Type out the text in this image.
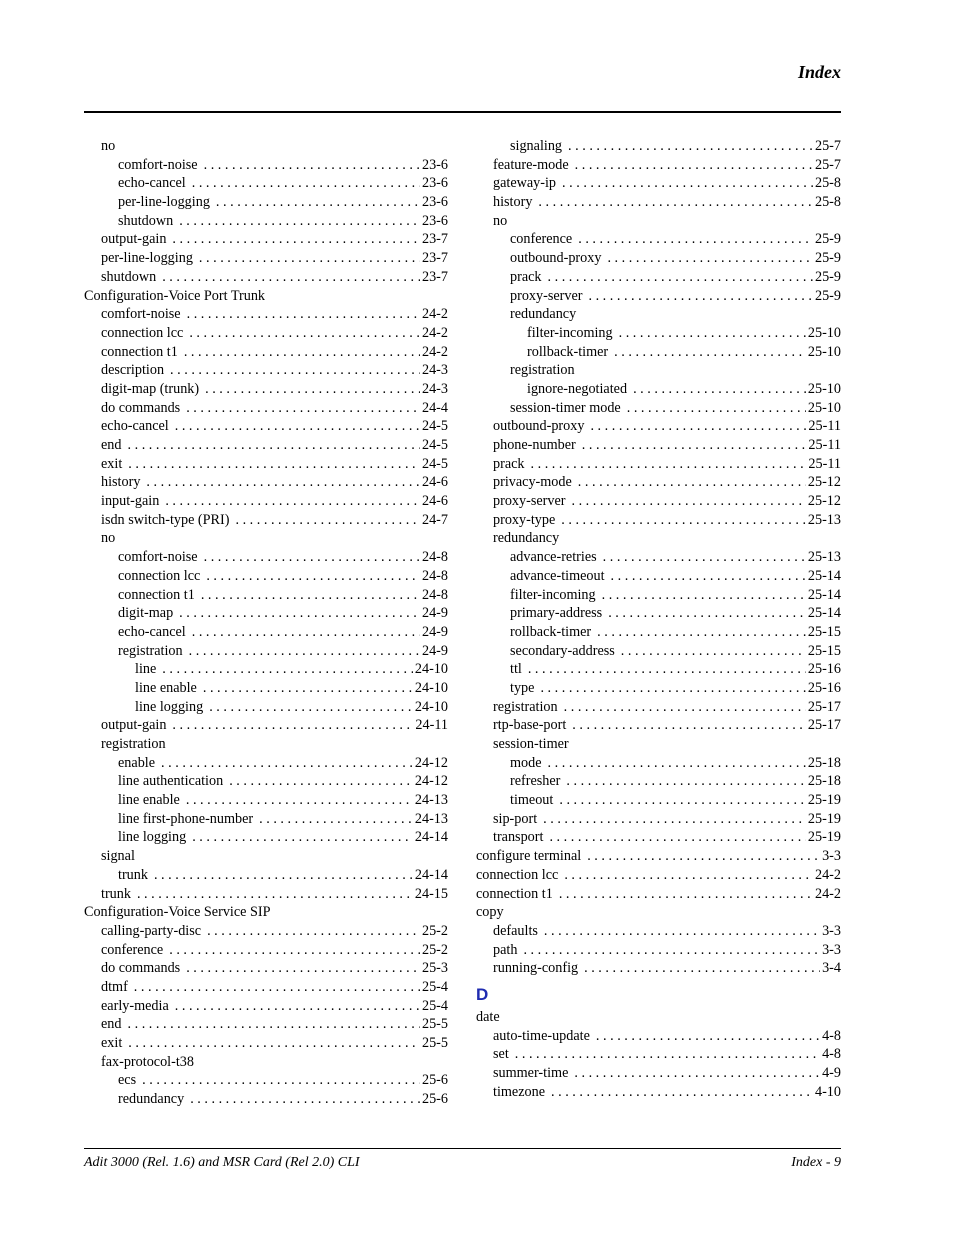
Index
no
comfort-noise . . .	23-6
echo-cancel . . .	23-6
per-line-logging . . .	23-6
shutdown . . .	23-6
output-gain . . .	23-7
per-line-logging . . .	23-7
shutdown . . .	23-7
Configuration-Voice Port Trunk
comfort-noise . . .	24-2
connection lcc . . .	24-2
connection t1 . . .	24-2
description . . .	24-3
digit-map (trunk) . . .	24-3
do commands . . .	24-4
echo-cancel . . .	24-5
end . . .	24-5
exit . . .	24-5
history . . .	24-6
input-gain . . .	24-6
isdn switch-type (PRI) . . .	24-7
no
comfort-noise . . .	24-8
connection lcc . . .	24-8
connection t1 . . .	24-8
digit-map . . .	24-9
echo-cancel . . .	24-9
registration . . .	24-9
line . . .	24-10
line enable . . .	24-10
line logging . . .	24-10
output-gain . . .	24-11
registration
enable . . .	24-12
line authentication . . .	24-12
line enable . . .	24-13
line first-phone-number . . .	24-13
line logging . . .	24-14
signal
trunk . . .	24-14
trunk . . .	24-15
Configuration-Voice Service SIP
calling-party-disc . . .	25-2
conference . . .	25-2
do commands . . .	25-3
dtmf . . .	25-4
early-media . . .	25-4
end . . .	25-5
exit . . .	25-5
fax-protocol-t38
ecs . . .	25-6
redundancy . . .	25-6
signaling . . .	25-7
feature-mode . . .	25-7
gateway-ip . . .	25-8
history . . .	25-8
no
conference . . .	25-9
outbound-proxy . . .	25-9
prack . . .	25-9
proxy-server . . .	25-9
redundancy
filter-incoming . . .	25-10
rollback-timer . . .	25-10
registration
ignore-negotiated . . .	25-10
session-timer mode . . .	25-10
outbound-proxy . . .	25-11
phone-number . . .	25-11
prack . . .	25-11
privacy-mode . . .	25-12
proxy-server . . .	25-12
proxy-type . . .	25-13
redundancy
advance-retries . . .	25-13
advance-timeout . . .	25-14
filter-incoming . . .	25-14
primary-address . . .	25-14
rollback-timer . . .	25-15
secondary-address . . .	25-15
ttl . . .	25-16
type . . .	25-16
registration . . .	25-17
rtp-base-port . . .	25-17
session-timer
mode . . .	25-18
refresher . . .	25-18
timeout . . .	25-19
sip-port . . .	25-19
transport . . .	25-19
configure terminal . . .	3-3
connection lcc . . .	24-2
connection t1 . . .	24-2
copy
defaults . . .	3-3
path . . .	3-3
running-config . . .	3-4
D
date
auto-time-update . . .	4-8
set . . .	4-8
summer-time . . .	4-9
timezone . . .	4-10
Adit 3000 (Rel. 1.6) and MSR Card (Rel 2.0) CLI	Index - 9
